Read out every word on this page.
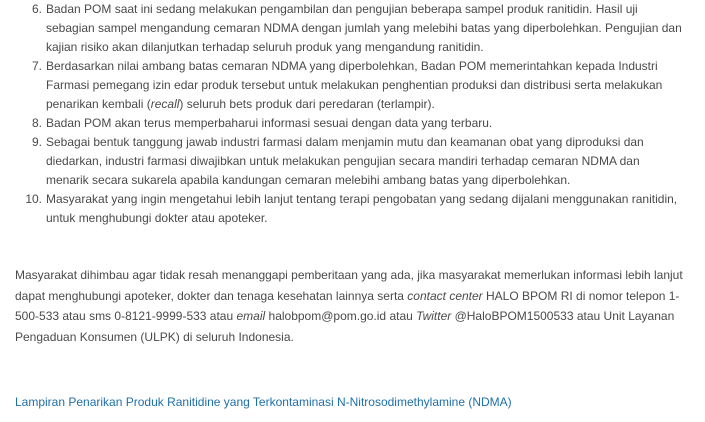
6. Badan POM saat ini sedang melakukan pengambilan dan pengujian beberapa sampel produk ranitidin. Hasil uji
sebagian sampel mengandung cemaran NDMA dengan jumlah yang melebihi batas yang diperbolehkan. Pengujian dan
kajian risiko akan dilanjutkan terhadap seluruh produk yang mengandung ranitidin.
7. Berdasarkan nilai ambang batas cemaran NDMA yang diperbolehkan, Badan POM memerintahkan kepada Industri
Farmasi pemegang izin edar produk tersebut untuk melakukan penghentian produksi dan distribusi serta melakukan
penarikan kembali (recall) seluruh bets produk dari peredaran (terlampir).
8. Badan POM akan terus memperbaharui informasi sesuai dengan data yang terbaru.
9. Sebagai bentuk tanggung jawab industri farmasi dalam menjamin mutu dan keamanan obat yang diproduksi dan
diedarkan, industri farmasi diwajibkan untuk melakukan pengujian secara mandiri terhadap cemaran NDMA dan
menarik secara sukarela apabila kandungan cemaran melebihi ambang batas yang diperbolehkan.
10. Masyarakat yang ingin mengetahui lebih lanjut tentang terapi pengobatan yang sedang dijalani menggunakan ranitidin,
untuk menghubungi dokter atau apoteker.

Masyarakat dihimbau agar tidak resah menanggapi pemberitaan yang ada, jika masyarakat memerlukan informasi lebih lanjut dapat menghubungi apoteker, dokter dan tenaga kesehatan lainnya serta contact center HALO BPOM RI di nomor telepon 1-500-533 atau sms 0-8121-9999-533 atau email halobpom@pom.go.id atau Twitter @HaloBPOM1500533 atau Unit Layanan Pengaduan Konsumen (ULPK) di seluruh Indonesia.

Lampiran Penarikan Produk Ranitidine yang Terkontaminasi N-Nitrosodimethylamine (NDMA)
